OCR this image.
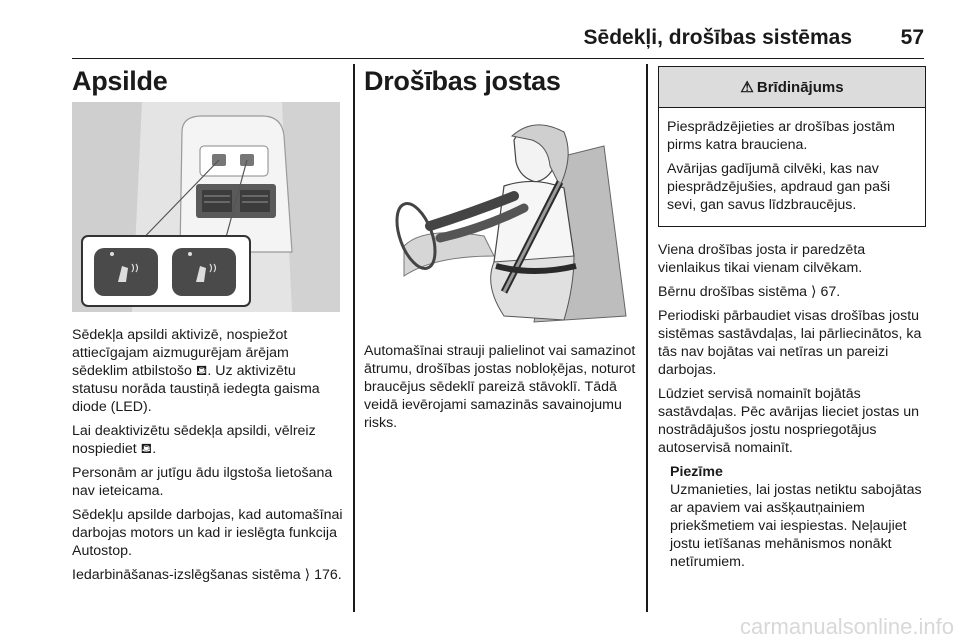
Sēdekļi, drošības sistēmas 57
Apsilde

Sēdekļa apsildi aktivizē, nospiežot attiecīgajam aizmugurējam ārējam sēdeklim atbilstošo ⛾. Uz aktivizētu statusu norāda taustiņā iedegta gaisma diode (LED).

Lai deaktivizētu sēdekļa apsildi, vēlreiz nospiediet ⛾.

Personām ar jutīgu ādu ilgstoša lietošana nav ieteicama.

Sēdekļu apsilde darbojas, kad automašīnai darbojas motors un kad ir ieslēgta funkcija Autostop.

Iedarbināšanas-izslēgšanas sistēma ⟩ 176.

Drošības jostas

Automašīnai strauji palielinot vai samazinot ātrumu, drošības jostas nobloķējas, noturot braucējus sēdeklī pareizā stāvoklī. Tādā veidā ievērojami samazinās savainojumu risks.

⚠ Brīdinājums

Piesprādzējieties ar drošības jostām pirms katra brauciena.

Avārijas gadījumā cilvēki, kas nav piesprādzējušies, apdraud gan paši sevi, gan savus līdzbraucējus.

Viena drošības josta ir paredzēta vienlaikus tikai vienam cilvēkam.

Bērnu drošības sistēma ⟩ 67.

Periodiski pārbaudiet visas drošības jostu sistēmas sastāvdaļas, lai pārliecinātos, ka tās nav bojātas vai netīras un pareizi darbojas.

Lūdziet servisā nomainīt bojātās sastāvdaļas. Pēc avārijas lieciet jostas un nostrādājušos jostu nospriegotājus autoservisā nomainīt.

Piezīme

Uzmanieties, lai jostas netiktu sabojātas ar apaviem vai asšķautņainiem priekšmetiem vai iespiestas. Neļaujiet jostu ietīšanas mehānismos nonākt netīrumiem.

carmanualsonline.info
